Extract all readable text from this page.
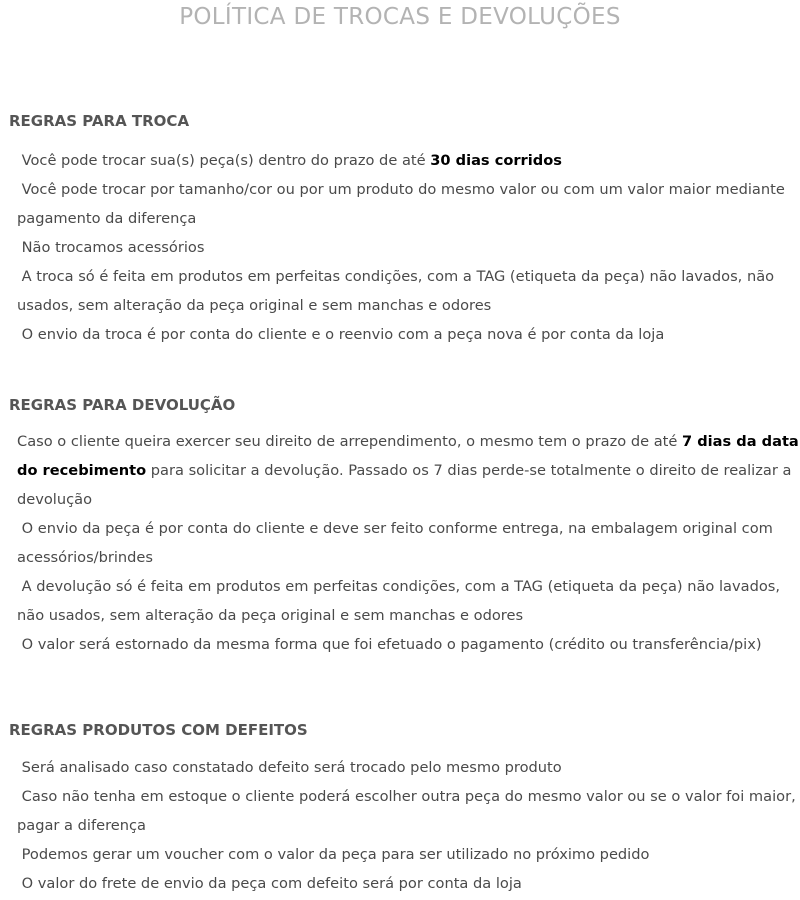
POLÍTICA DE TROCAS E DEVOLUÇÕES
REGRAS PARA TROCA
Você pode trocar sua(s) peça(s) dentro do prazo de até 30 dias corridos
Você pode trocar por tamanho/cor ou por um produto do mesmo valor ou com um valor maior mediante pagamento da diferença
Não trocamos acessórios
A troca só é feita em produtos em perfeitas condições, com a TAG (etiqueta da peça) não lavados, não usados, sem alteração da peça original e sem manchas e odores
O envio da troca é por conta do cliente e o reenvio com a peça nova é por conta da loja
REGRAS PARA DEVOLUÇÃO
Caso o cliente queira exercer seu direito de arrependimento, o mesmo tem o prazo de até 7 dias da data do recebimento para solicitar a devolução. Passado os 7 dias perde-se totalmente o direito de realizar a devolução
O envio da peça é por conta do cliente e deve ser feito conforme entrega, na embalagem original com acessórios/brindes
A devolução só é feita em produtos em perfeitas condições, com a TAG (etiqueta da peça) não lavados, não usados, sem alteração da peça original e sem manchas e odores
O valor será estornado da mesma forma que foi efetuado o pagamento (crédito ou transferência/pix)
REGRAS PRODUTOS COM DEFEITOS
Será analisado caso constatado defeito será trocado pelo mesmo produto
Caso não tenha em estoque o cliente poderá escolher outra peça do mesmo valor ou se o valor foi maior, pagar a diferença
Podemos gerar um voucher com o valor da peça para ser utilizado no próximo pedido
O valor do frete de envio da peça com defeito será por conta da loja
